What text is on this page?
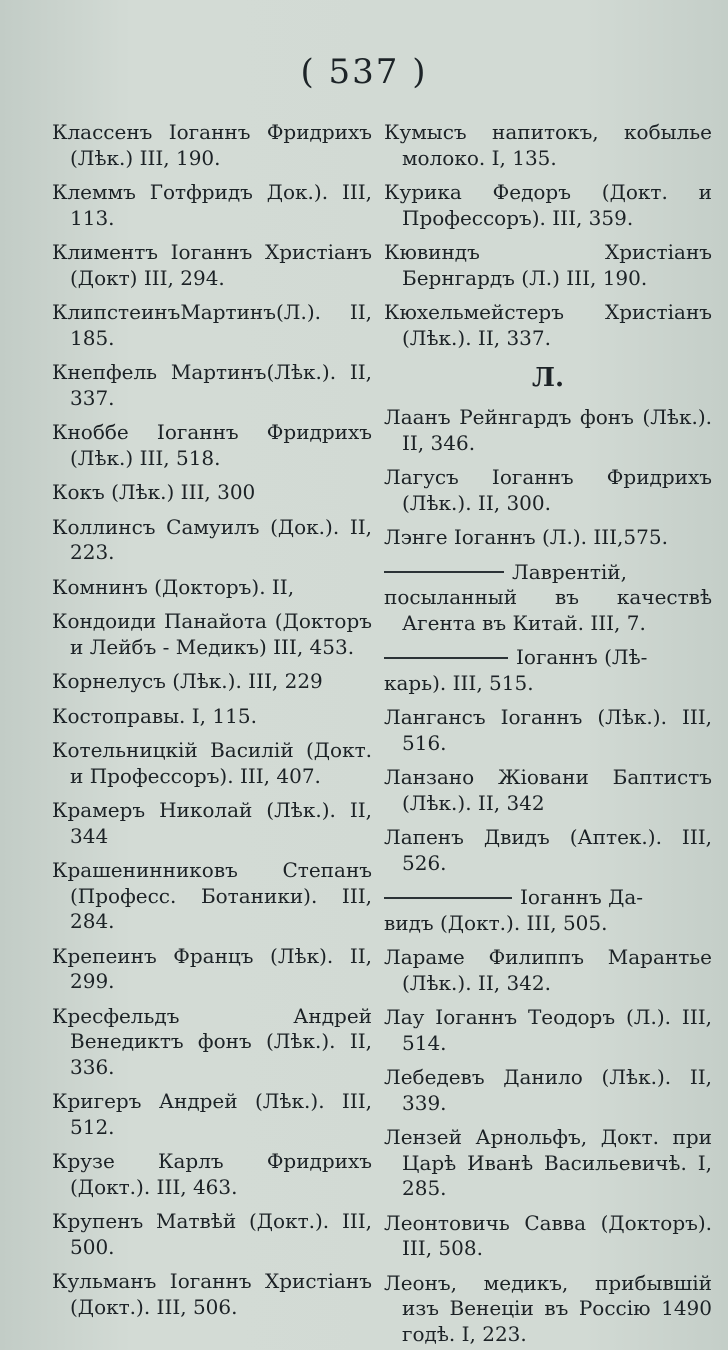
( 537 )

Классенъ Iоганнъ Фридрихъ (Лѣк.) III, 190.

Клеммъ Готфридъ Док.). III, 113.

Климентъ Iоганнъ Христiанъ (Докт) III, 294.

КлипстеинъМартинъ(Л.). II, 185.

Кнепфель Мартинъ(Лѣк.). II, 337.

Кноббе Iоганнъ Фридрихъ (Лѣк.) III, 518.

Кокъ (Лѣк.) III, 300

Коллинсъ Самуилъ (Док.). II, 223.

Комнинъ (Докторъ). II,

Кондоиди Панайота (Докторъ и Лейбъ - Медикъ) III, 453.

Корнелусъ (Лѣк.). III, 229

Костоправы. I, 115.

Котельницкiй Василiй (Докт. и Профессоръ). III, 407.

Крамеръ Николай (Лѣк.). II, 344

Крашенинниковъ Степанъ (Професс. Ботаники). III, 284.

Крепеинъ Францъ (Лѣк). II, 299.

Кресфельдъ Андрей Венедиктъ фонъ (Лѣк.). II, 336.

Кригеръ Андрей (Лѣк.). III, 512.

Крузе Карлъ Фридрихъ (Докт.). III, 463.

Крупенъ Матвѣй (Докт.). III, 500.

Кульманъ Iоганнъ Христiанъ (Докт.). III, 506.

Кумысъ напитокъ, кобылье молоко. I, 135.

Курика Федоръ (Докт. и Профессоръ). III, 359.

Кювиндъ Христiанъ Бернгардъ (Л.) III, 190.

Кюхельмейстеръ Христiанъ (Лѣк.). II, 337.

Л.

Лаанъ Рейнгардъ фонъ (Лѣк.). II, 346.

Лагусъ Iоганнъ Фридрихъ (Лѣк.). II, 300.

Лэнге Iоганнъ (Л.). III,575.

Лаврентiй,

посыланный въ качествѣ Агента въ Китай. III, 7.

Iоганнъ (Лѣ-

карь). III, 515.

Лангансъ Iоганнъ (Лѣк.). III, 516.

Ланзано Жiовани Баптистъ (Лѣк.). II, 342

Лапенъ Двидъ (Аптек.). III, 526.

Iоганнъ Да-

видъ (Докт.). III, 505.

Ларамe Филиппъ Марантье (Лѣк.). II, 342.

Лау Iоганнъ Теодоръ (Л.). III, 514.

Лебедевъ Данило (Лѣк.). II, 339.

Лензей Арнольфъ, Докт. при Царѣ Иванѣ Васильевичѣ. I, 285.

Леонтовичь Савва (Докторъ). III, 508.

Леонъ, медикъ, прибывшiй изъ Венецiи въ Россiю 1490 годѣ. I, 223.
